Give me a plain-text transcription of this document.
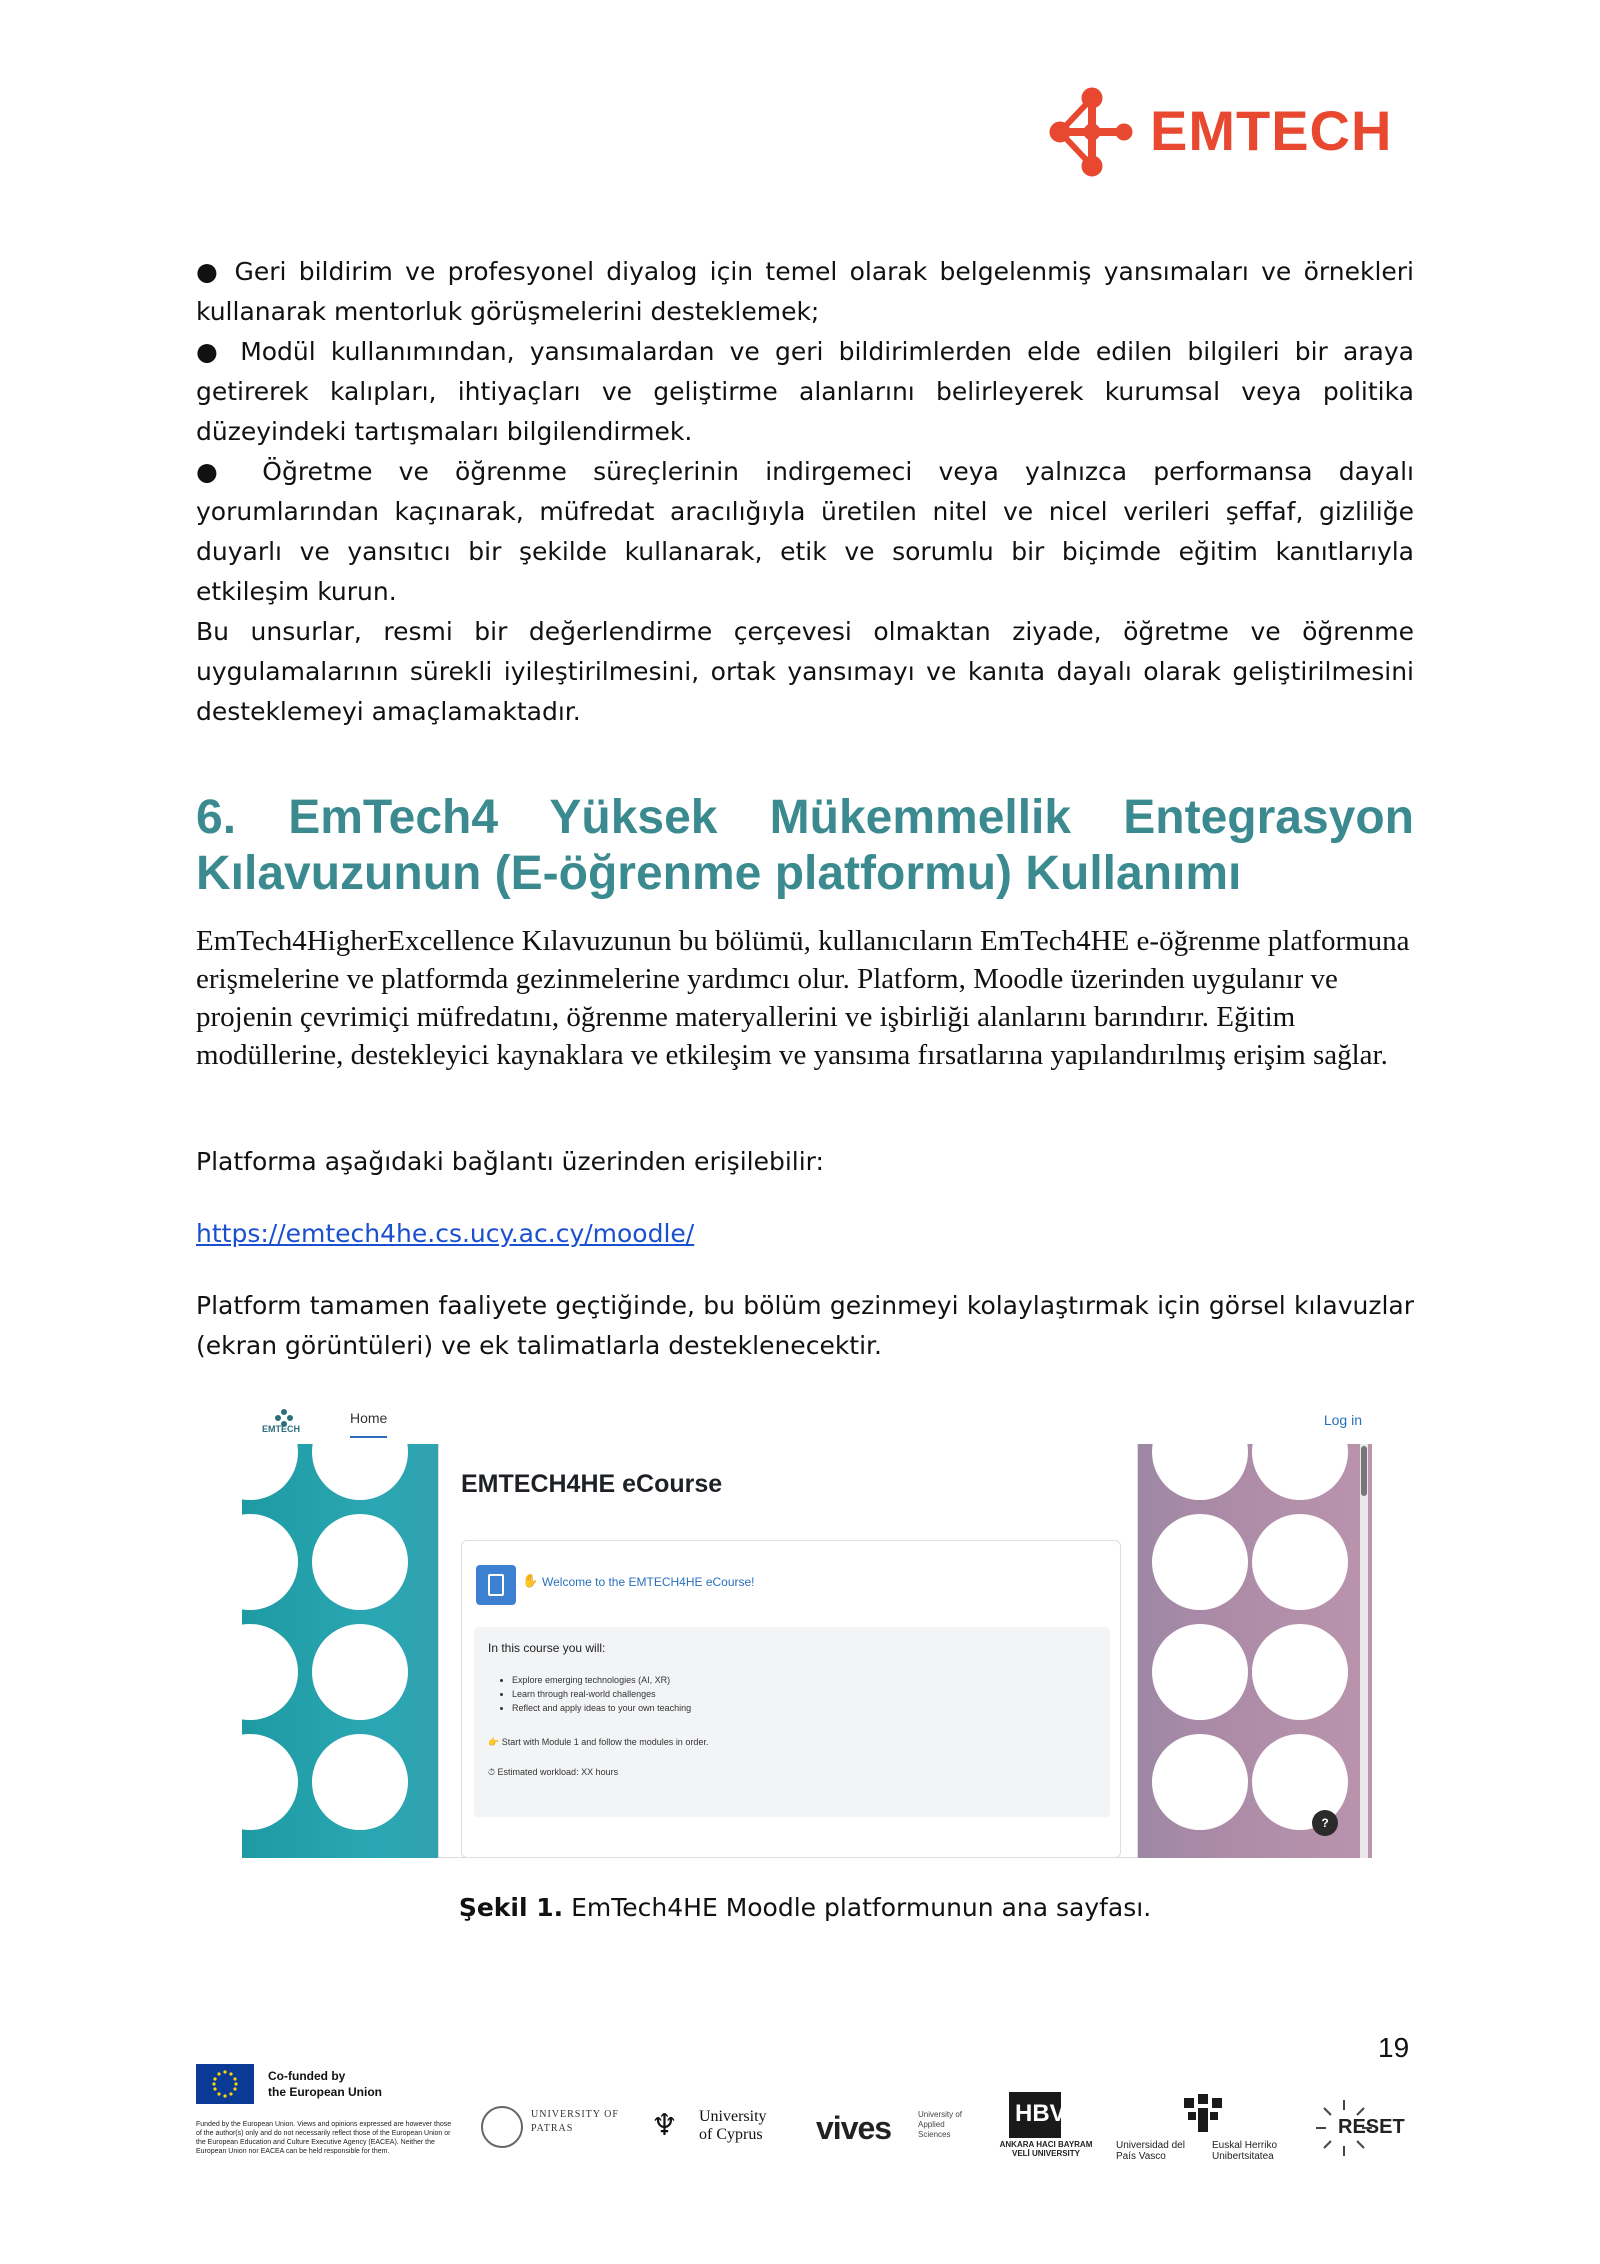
EMTECH
● Geri bildirim ve profesyonel diyalog için temel olarak belgelenmiş yansımaları ve örnekleri kullanarak mentorluk görüşmelerini desteklemek;
● Modül kullanımından, yansımalardan ve geri bildirimlerden elde edilen bilgileri bir araya getirerek kalıpları, ihtiyaçları ve geliştirme alanlarını belirleyerek kurumsal veya politika düzeyindeki tartışmaları bilgilendirmek.
● Öğretme ve öğrenme süreçlerinin indirgemeci veya yalnızca performansa dayalı yorumlarından kaçınarak, müfredat aracılığıyla üretilen nitel ve nicel verileri şeffaf, gizliliğe duyarlı ve yansıtıcı bir şekilde kullanarak, etik ve sorumlu bir biçimde eğitim kanıtlarıyla etkileşim kurun.
Bu unsurlar, resmi bir değerlendirme çerçevesi olmaktan ziyade, öğretme ve öğrenme uygulamalarının sürekli iyileştirilmesini, ortak yansımayı ve kanıta dayalı olarak geliştirilmesini desteklemeyi amaçlamaktadır.
6. EmTech4 Yüksek Mükemmellik Entegrasyon Kılavuzunun (E-öğrenme platformu) Kullanımı

EmTech4HigherExcellence Kılavuzunun bu bölümü, kullanıcıların EmTech4HE e-öğrenme platformuna erişmelerine ve platformda gezinmelerine yardımcı olur. Platform, Moodle üzerinden uygulanır ve projenin çevrimiçi müfredatını, öğrenme materyallerini ve işbirliği alanlarını barındırır. Eğitim modüllerine, destekleyici kaynaklara ve etkileşim ve yansıma fırsatlarına yapılandırılmış erişim sağlar.

Platforma aşağıdaki bağlantı üzerinden erişilebilir:

https://emtech4he.cs.ucy.ac.cy/moodle/

Platform tamamen faaliyete geçtiğinde, bu bölüm gezinmeyi kolaylaştırmak için görsel kılavuzlar (ekran görüntüleri) ve ek talimatlarla desteklenecektir.

EMTECH
Home	Log in
EMTECH4HE eCourse
✋ Welcome to the EMTECH4HE eCourse!
In this course you will:
• Explore emerging technologies (AI, XR)
• Learn through real-world challenges
• Reflect and apply ideas to your own teaching
👉 Start with Module 1 and follow the modules in order.
⏱ Estimated workload: XX hours
?
Şekil 1. EmTech4HE Moodle platformunun ana sayfası.
19
Co-funded by
the European Union
Funded by the European Union. Views and opinions expressed are however those of the author(s) only and do not necessarily reflect those of the European Union or the European Education and Culture Executive Agency (EACEA). Neither the European Union nor EACEA can be held responsible for them.
UNIVERSITY OF PATRAS	♆ University
of Cyprus vives	University of Applied Sciences
HBV
ANKARA HACI BAYRAM VELİ UNIVERSITY
Universidad del País Vasco
Euskal Herriko Unibertsitatea
RESET
